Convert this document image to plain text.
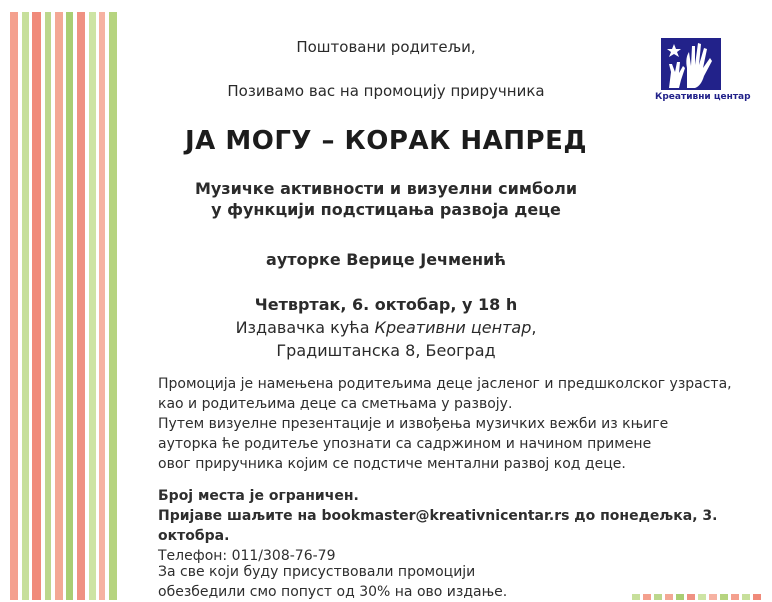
Креативни центар
Поштовани родитељи,
Позивамо вас на промоцију приручника
ЈА МОГУ – КОРАК НАПРЕД
Музичке активности и визуелни симболи
у функцији подстицања развоја деце
ауторке Верице Јечменић
Четвртак, 6. октобар, у 18 h
Издавачка кућа Креативни центар,
Градиштанска 8, Београд
Промоција је намењена родитељима деце јасленог и предшколског узраста,
као и родитељима деце са сметњама у развоју.
Путем визуелне презентације и извођења музичких вежби из књиге
ауторка ће родитеље упознати са садржином и начином примене
овог приручника којим се подстиче ментални развој код деце.
Број места је ограничен.
Пријаве шаљите на bookmaster@kreativnicentar.rs до понедељка, 3. октобра.
Телефон: 011/308-76-79
За све који буду присуствовали промоцији
обезбедили смо попуст од 30% на ово издање.
